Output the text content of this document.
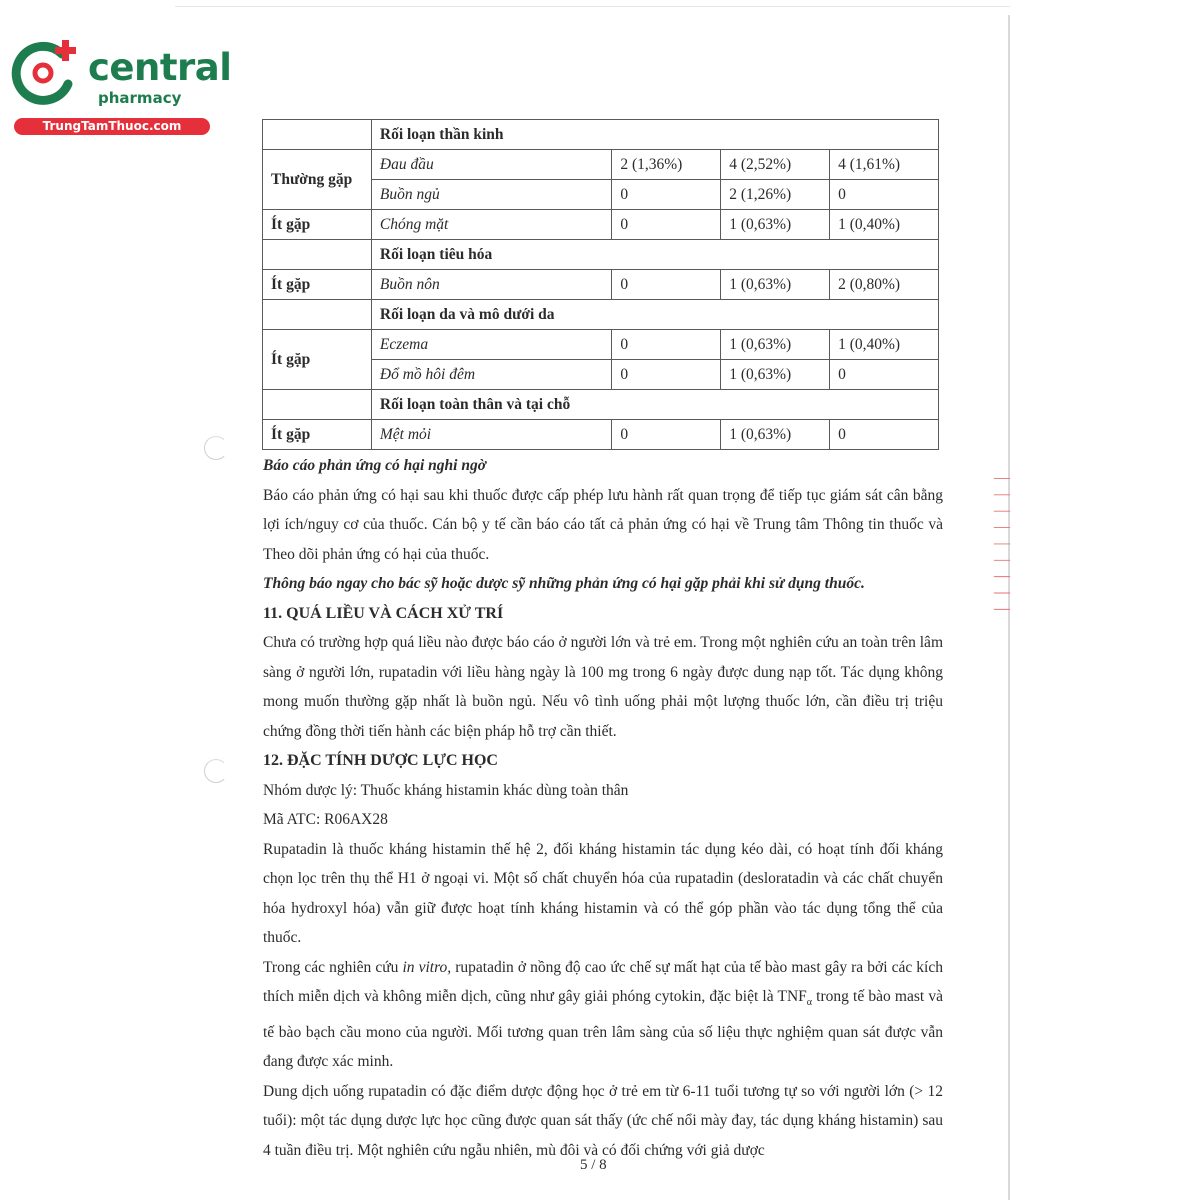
central
pharmacy
TrungTamThuoc.com
		Rối loạn thần kinh			
Thường gặp	Đau đầu	2 (1,36%)	4 (2,52%)	4 (1,61%)
	Buồn ngủ	0	2 (1,26%)	0
Ít gặp	Chóng mặt	0	1 (0,63%)	1 (0,40%)
	Rối loạn tiêu hóa			
Ít gặp	Buồn nôn	0	1 (0,63%)	2 (0,80%)
	Rối loạn da và mô dưới da			
Ít gặp	Eczema	0	1 (0,63%)	1 (0,40%)
	Đổ mồ hôi đêm	0	1 (0,63%)	0
	Rối loạn toàn thân và tại chỗ			
Ít gặp	Mệt mỏi	0	1 (0,63%)	0

Báo cáo phản ứng có hại nghi ngờ

Báo cáo phản ứng có hại sau khi thuốc được cấp phép lưu hành rất quan trọng để tiếp tục giám sát cân bằng lợi ích/nguy cơ của thuốc. Cán bộ y tế cần báo cáo tất cả phản ứng có hại về Trung tâm Thông tin thuốc và Theo dõi phản ứng có hại của thuốc.

Thông báo ngay cho bác sỹ hoặc dược sỹ những phản ứng có hại gặp phải khi sử dụng thuốc.

11. QUÁ LIỀU VÀ CÁCH XỬ TRÍ

Chưa có trường hợp quá liều nào được báo cáo ở người lớn và trẻ em. Trong một nghiên cứu an toàn trên lâm sàng ở người lớn, rupatadin với liều hàng ngày là 100 mg trong 6 ngày được dung nạp tốt. Tác dụng không mong muốn thường gặp nhất là buồn ngủ. Nếu vô tình uống phải một lượng thuốc lớn, cần điều trị triệu chứng đồng thời tiến hành các biện pháp hỗ trợ cần thiết.

12. ĐẶC TÍNH DƯỢC LỰC HỌC

Nhóm dược lý: Thuốc kháng histamin khác dùng toàn thân

Mã ATC: R06AX28

Rupatadin là thuốc kháng histamin thế hệ 2, đối kháng histamin tác dụng kéo dài, có hoạt tính đối kháng chọn lọc trên thụ thể H1 ở ngoại vi. Một số chất chuyển hóa của rupatadin (desloratadin và các chất chuyển hóa hydroxyl hóa) vẫn giữ được hoạt tính kháng histamin và có thể góp phần vào tác dụng tổng thể của thuốc.

Trong các nghiên cứu in vitro, rupatadin ở nồng độ cao ức chế sự mất hạt của tế bào mast gây ra bởi các kích thích miễn dịch và không miễn dịch, cũng như gây giải phóng cytokin, đặc biệt là $TNF_\alpha$ trong tế bào mast và tế bào bạch cầu mono của người. Mối tương quan trên lâm sàng của số liệu thực nghiệm quan sát được vẫn đang được xác minh.

Dung dịch uống rupatadin có đặc điểm dược động học ở trẻ em từ 6-11 tuổi tương tự so với người lớn (> 12 tuổi): một tác dụng dược lực học cũng được quan sát thấy (ức chế nổi mày đay, tác dụng kháng histamin) sau 4 tuần điều trị. Một nghiên cứu ngẫu nhiên, mù đôi và có đối chứng với giả dược

5 / 8
